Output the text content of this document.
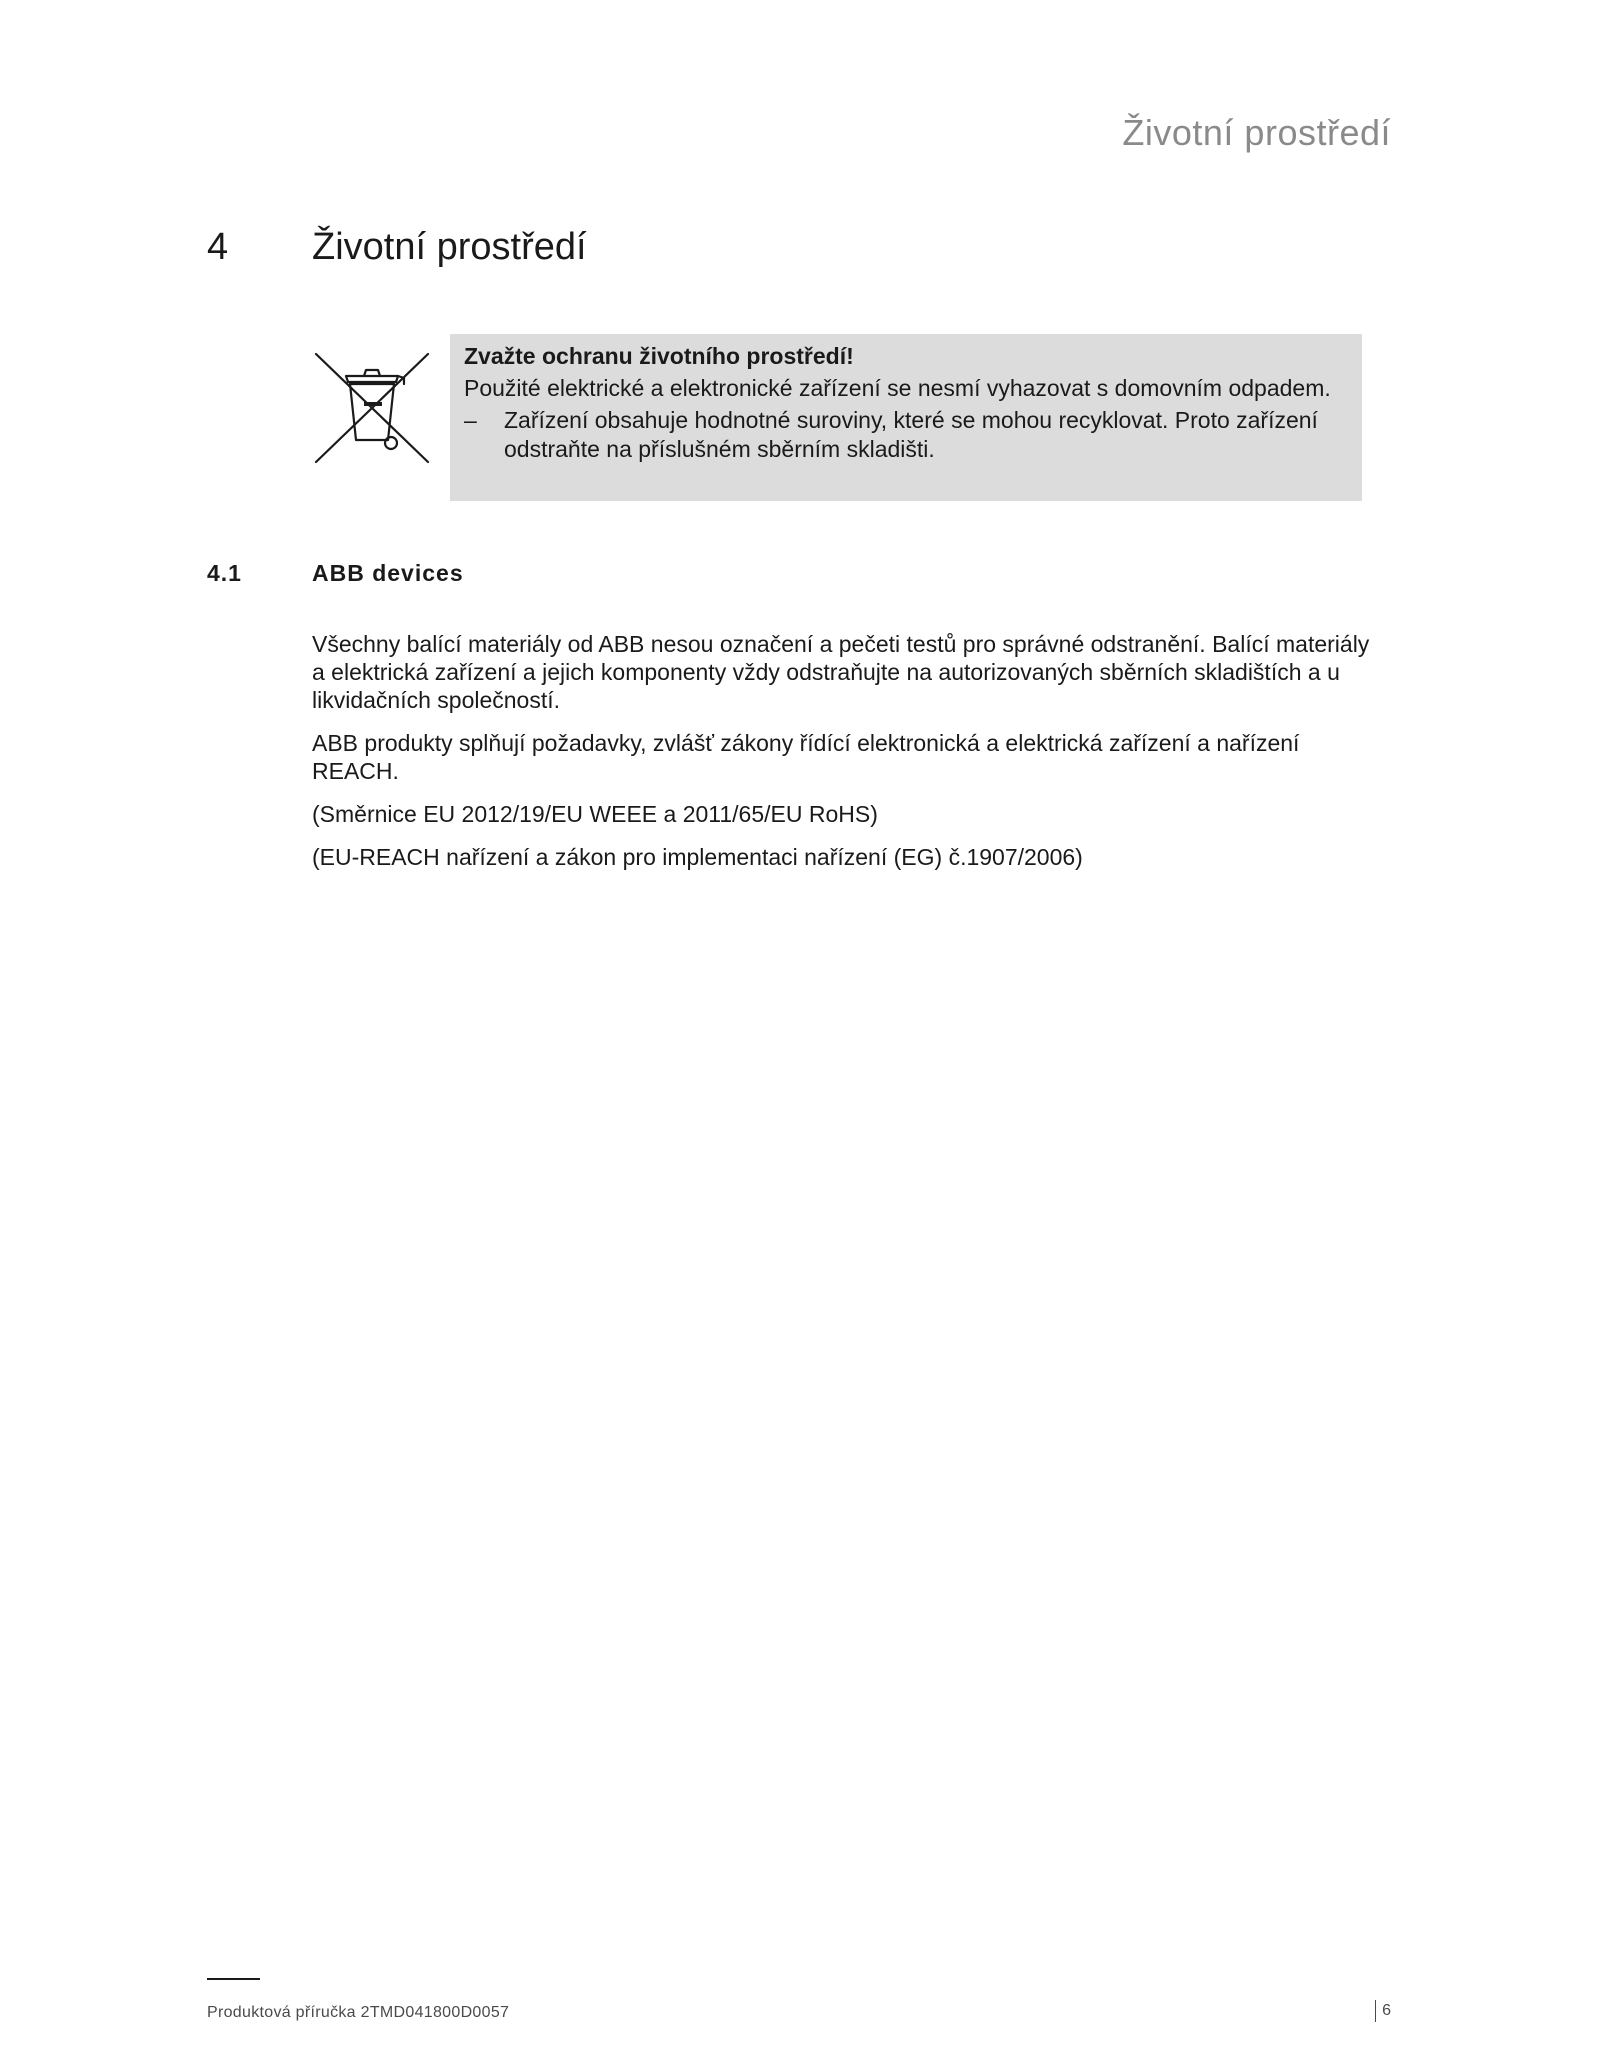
Životní prostředí
4 Životní prostředí

Zvažte ochranu životního prostředí!

Použité elektrické a elektronické zařízení se nesmí vyhazovat s domovním odpadem.

–	Zařízení obsahuje hodnotné suroviny, které se mohou recyklovat. Proto zařízení odstraňte na příslušném sběrním skladišti.

4.1	ABB devices

Všechny balící materiály od ABB nesou označení a pečeti testů pro správné odstranění. Balící materiály a elektrická zařízení a jejich komponenty vždy odstraňujte na autorizovaných sběrních skladištích a u likvidačních společností.

ABB produkty splňují požadavky, zvlášť zákony řídící elektronická a elektrická zařízení a nařízení REACH.

(Směrnice EU 2012/19/EU WEEE a 2011/65/EU RoHS)

(EU-REACH nařízení a zákon pro implementaci nařízení (EG) č.1907/2006)

Produktová příručka 2TMD041800D0057	6
